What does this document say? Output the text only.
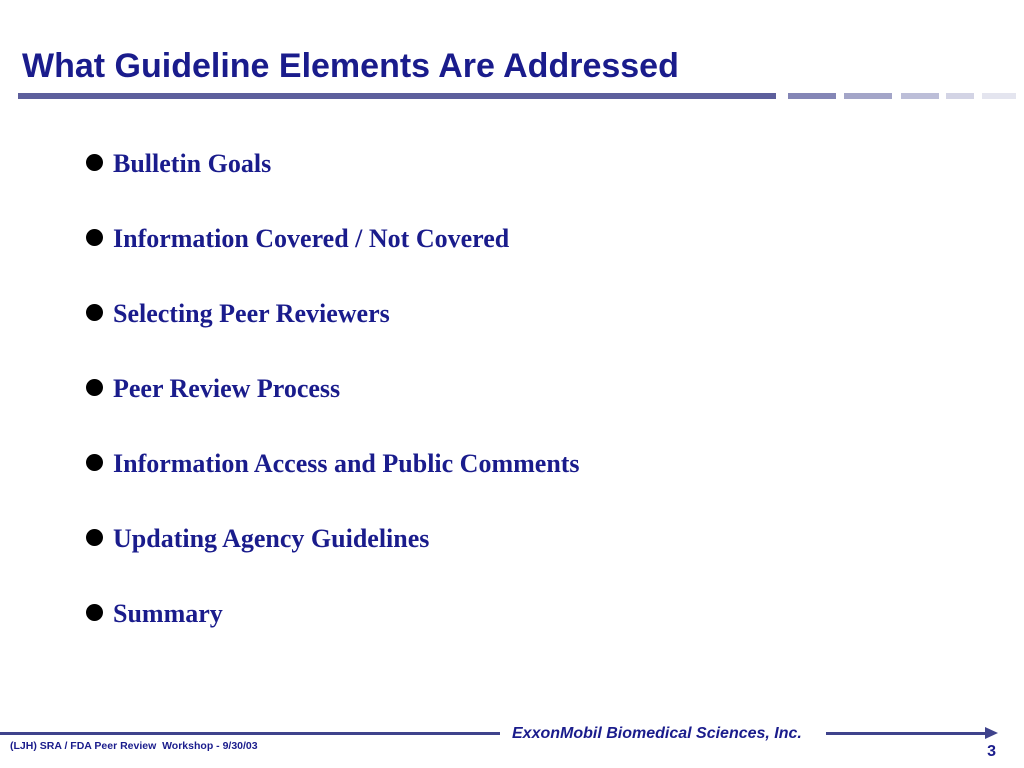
What Guideline Elements Are Addressed
Bulletin Goals
Information Covered / Not Covered
Selecting Peer Reviewers
Peer Review Process
Information Access and Public Comments
Updating Agency Guidelines
Summary
ExxonMobil Biomedical Sciences, Inc.
(LJH) SRA / FDA Peer Review  Workshop - 9/30/03	3
